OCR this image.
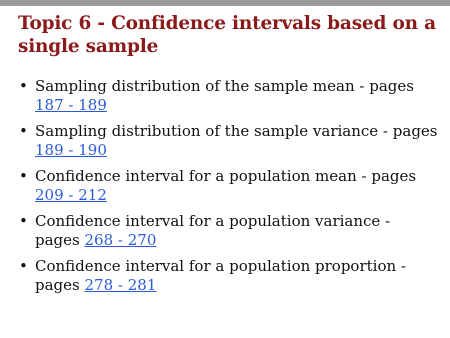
Topic 6 - Confidence intervals based on a single sample
• Sampling distribution of the sample mean - pages 187 - 189
• Sampling distribution of the sample variance - pages 189 - 190
• Confidence interval for a population mean - pages 209 - 212
• Confidence interval for a population variance - pages 268 - 270
• Confidence interval for a population proportion - pages 278 - 281
